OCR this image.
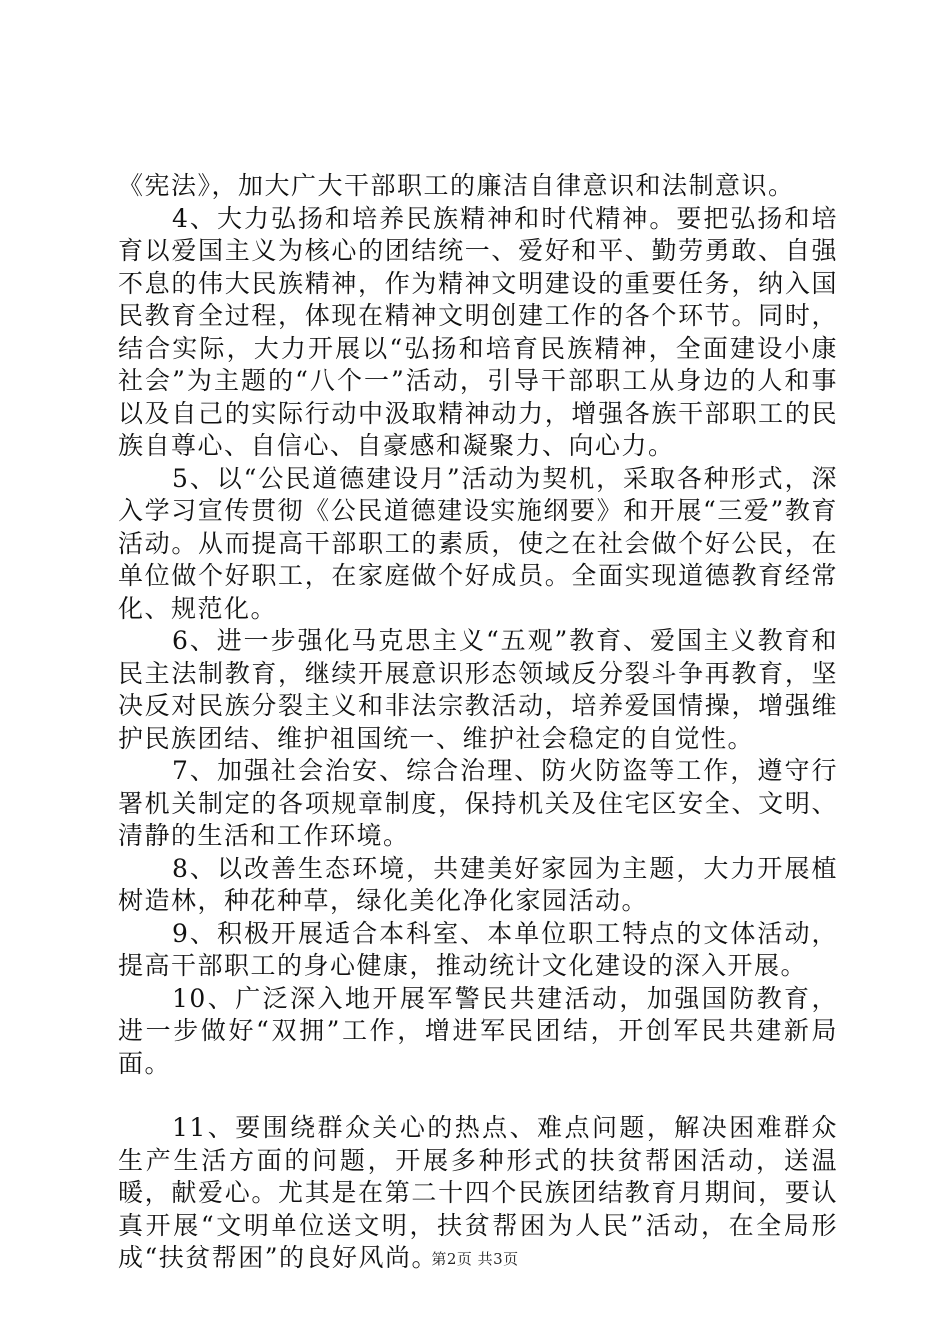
《宪法》，加大广大干部职工的廉洁自律意识和法制意识。

4、大力弘扬和培养民族精神和时代精神。要把弘扬和培育以爱国主义为核心的团结统一、爱好和平、勤劳勇敢、自强不息的伟大民族精神，作为精神文明建设的重要任务，纳入国民教育全过程，体现在精神文明创建工作的各个环节。同时，结合实际，大力开展以“弘扬和培育民族精神，全面建设小康社会”为主题的“八个一”活动，引导干部职工从身边的人和事以及自己的实际行动中汲取精神动力，增强各族干部职工的民族自尊心、自信心、自豪感和凝聚力、向心力。

5、以“公民道德建设月”活动为契机，采取各种形式，深入学习宣传贯彻《公民道德建设实施纲要》和开展“三爱”教育活动。从而提高干部职工的素质，使之在社会做个好公民，在单位做个好职工，在家庭做个好成员。全面实现道德教育经常化、规范化。

6、进一步强化马克思主义“五观”教育、爱国主义教育和民主法制教育，继续开展意识形态领域反分裂斗争再教育，坚决反对民族分裂主义和非法宗教活动，培养爱国情操，增强维护民族团结、维护祖国统一、维护社会稳定的自觉性。

7、加强社会治安、综合治理、防火防盗等工作，遵守行署机关制定的各项规章制度，保持机关及住宅区安全、文明、清静的生活和工作环境。

8、以改善生态环境，共建美好家园为主题，大力开展植树造林，种花种草，绿化美化净化家园活动。

9、积极开展适合本科室、本单位职工特点的文体活动，提高干部职工的身心健康，推动统计文化建设的深入开展。

10、广泛深入地开展军警民共建活动，加强国防教育，进一步做好“双拥”工作，增进军民团结，开创军民共建新局面。

11、要围绕群众关心的热点、难点问题，解决困难群众生产生活方面的问题，开展多种形式的扶贫帮困活动，送温暖，献爱心。尤其是在第二十四个民族团结教育月期间，要认真开展“文明单位送文明，扶贫帮困为人民”活动，在全局形成“扶贫帮困”的良好风尚。

第2页 共3页
